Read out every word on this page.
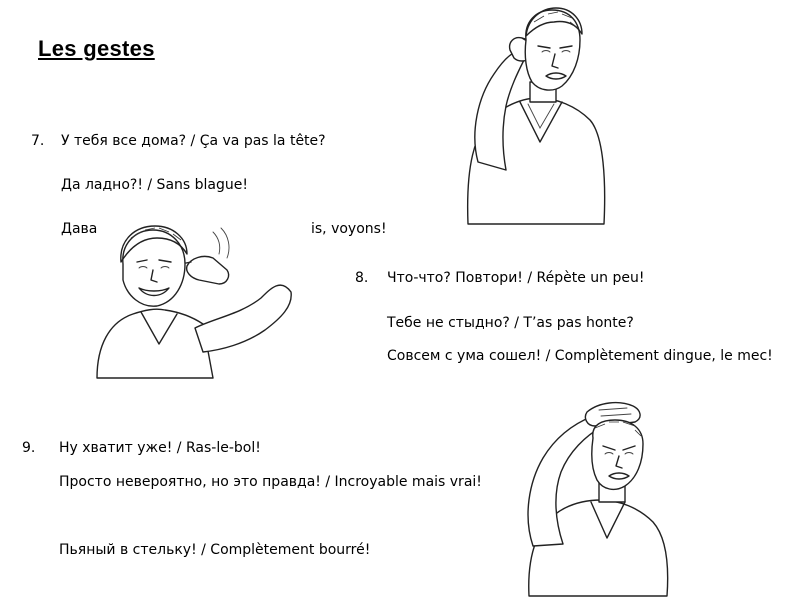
Les gestes
7. У тебя все дома? / Ça va pas la tête?
Да ладно?! / Sans blague!
Дава	is, voyons!
8. Что-что? Повтори! / Répète un peu!
Тебе не стыдно? / T’as pas honte?
Совсем с ума сошел! / Complètement dingue, le mec!
9. Ну хватит уже! / Ras-le-bol!
Просто невероятно, но это правда! / Incroyable mais vrai!
Пьяный в стельку! / Complètement bourré!
